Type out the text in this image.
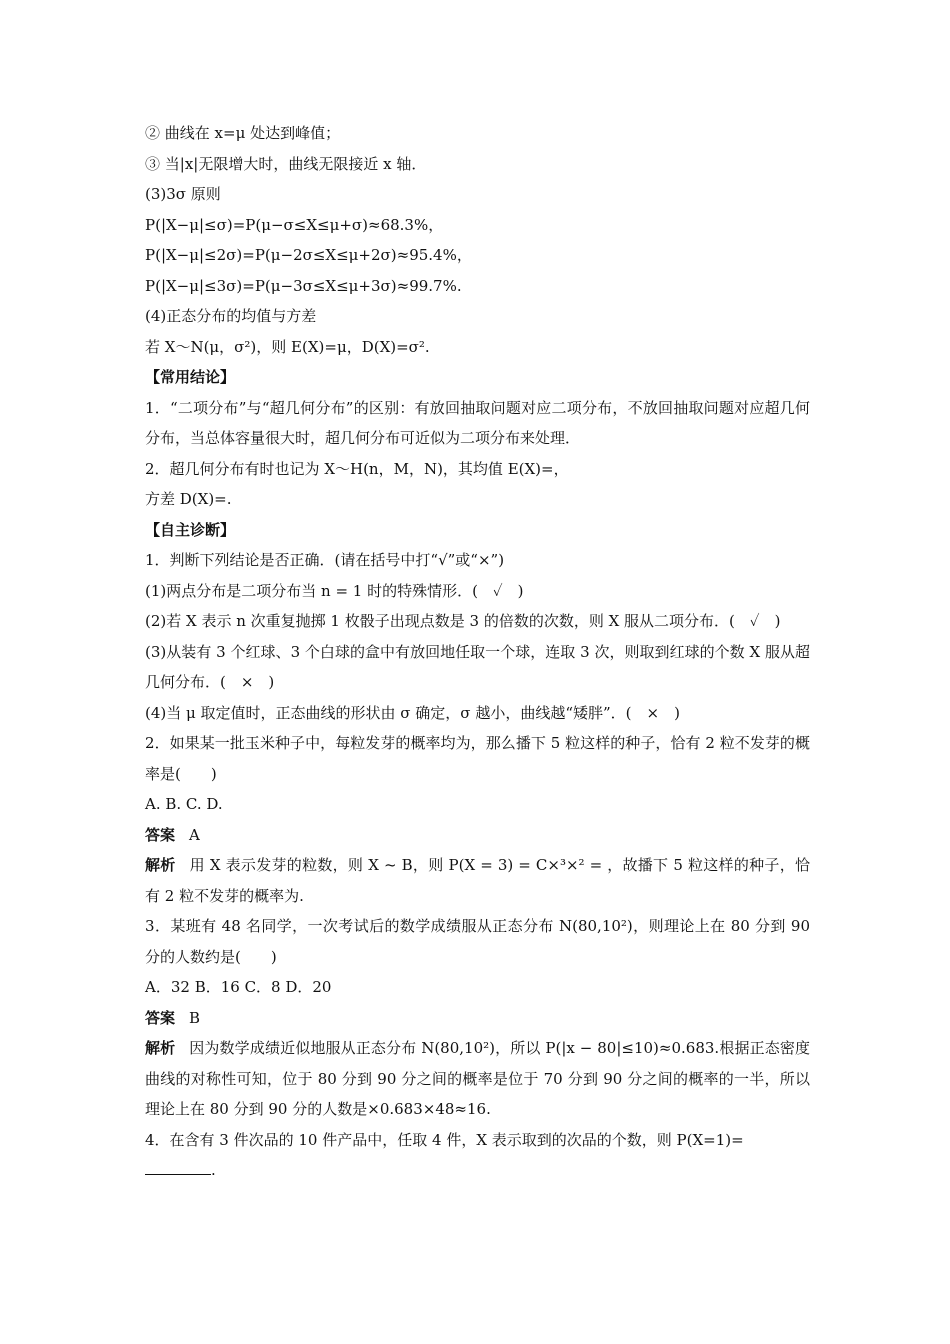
② 曲线在 x=μ 处达到峰值；
③ 当|x|无限增大时，曲线无限接近 x 轴．
(3)3σ 原则
P(|X−μ|≤σ)=P(μ−σ≤X≤μ+σ)≈68.3%，
P(|X−μ|≤2σ)=P(μ−2σ≤X≤μ+2σ)≈95.4%，
P(|X−μ|≤3σ)=P(μ−3σ≤X≤μ+3σ)≈99.7%.
(4)正态分布的均值与方差
若 X～N(μ，σ²)，则 E(X)=μ，D(X)=σ².
【常用结论】
1．“二项分布”与“超几何分布”的区别：有放回抽取问题对应二项分布，不放回抽取问题对应超几何分布，当总体容量很大时，超几何分布可近似为二项分布来处理．
2．超几何分布有时也记为 X～H(n，M，N)，其均值 E(X)=，
方差 D(X)=.
【自主诊断】
1．判断下列结论是否正确．(请在括号中打“√”或“×”)
(1)两点分布是二项分布当 n = 1 时的特殊情形．(　✓　)
(2)若 X 表示 n 次重复抛掷 1 枚骰子出现点数是 3 的倍数的次数，则 X 服从二项分布．(　✓　)
(3)从装有 3 个红球、3 个白球的盒中有放回地任取一个球，连取 3 次，则取到红球的个数 X 服从超几何分布．(　×　)
(4)当 μ 取定值时，正态曲线的形状由 σ 确定，σ 越小，曲线越“矮胖”．(　×　)
2．如果某一批玉米种子中，每粒发芽的概率均为，那么播下 5 粒这样的种子，恰有 2 粒不发芽的概率是(　　)
A. B. C. D.
答案 A
解析 用 X 表示发芽的粒数，则 X ~ B，则 P(X = 3) = C×³×² = ，故播下 5 粒这样的种子，恰有 2 粒不发芽的概率为.
3．某班有 48 名同学，一次考试后的数学成绩服从正态分布 N(80,10²)，则理论上在 80 分到 90 分的人数约是(　　)
A．32 B．16 C．8 D．20
答案 B
解析 因为数学成绩近似地服从正态分布 N(80,10²)，所以 P(|x − 80|≤10)≈0.683.根据正态密度曲线的对称性可知，位于 80 分到 90 分之间的概率是位于 70 分到 90 分之间的概率的一半，所以理论上在 80 分到 90 分的人数是×0.683×48≈16.
4．在含有 3 件次品的 10 件产品中，任取 4 件，X 表示取到的次品的个数，则 P(X=1)=
.
